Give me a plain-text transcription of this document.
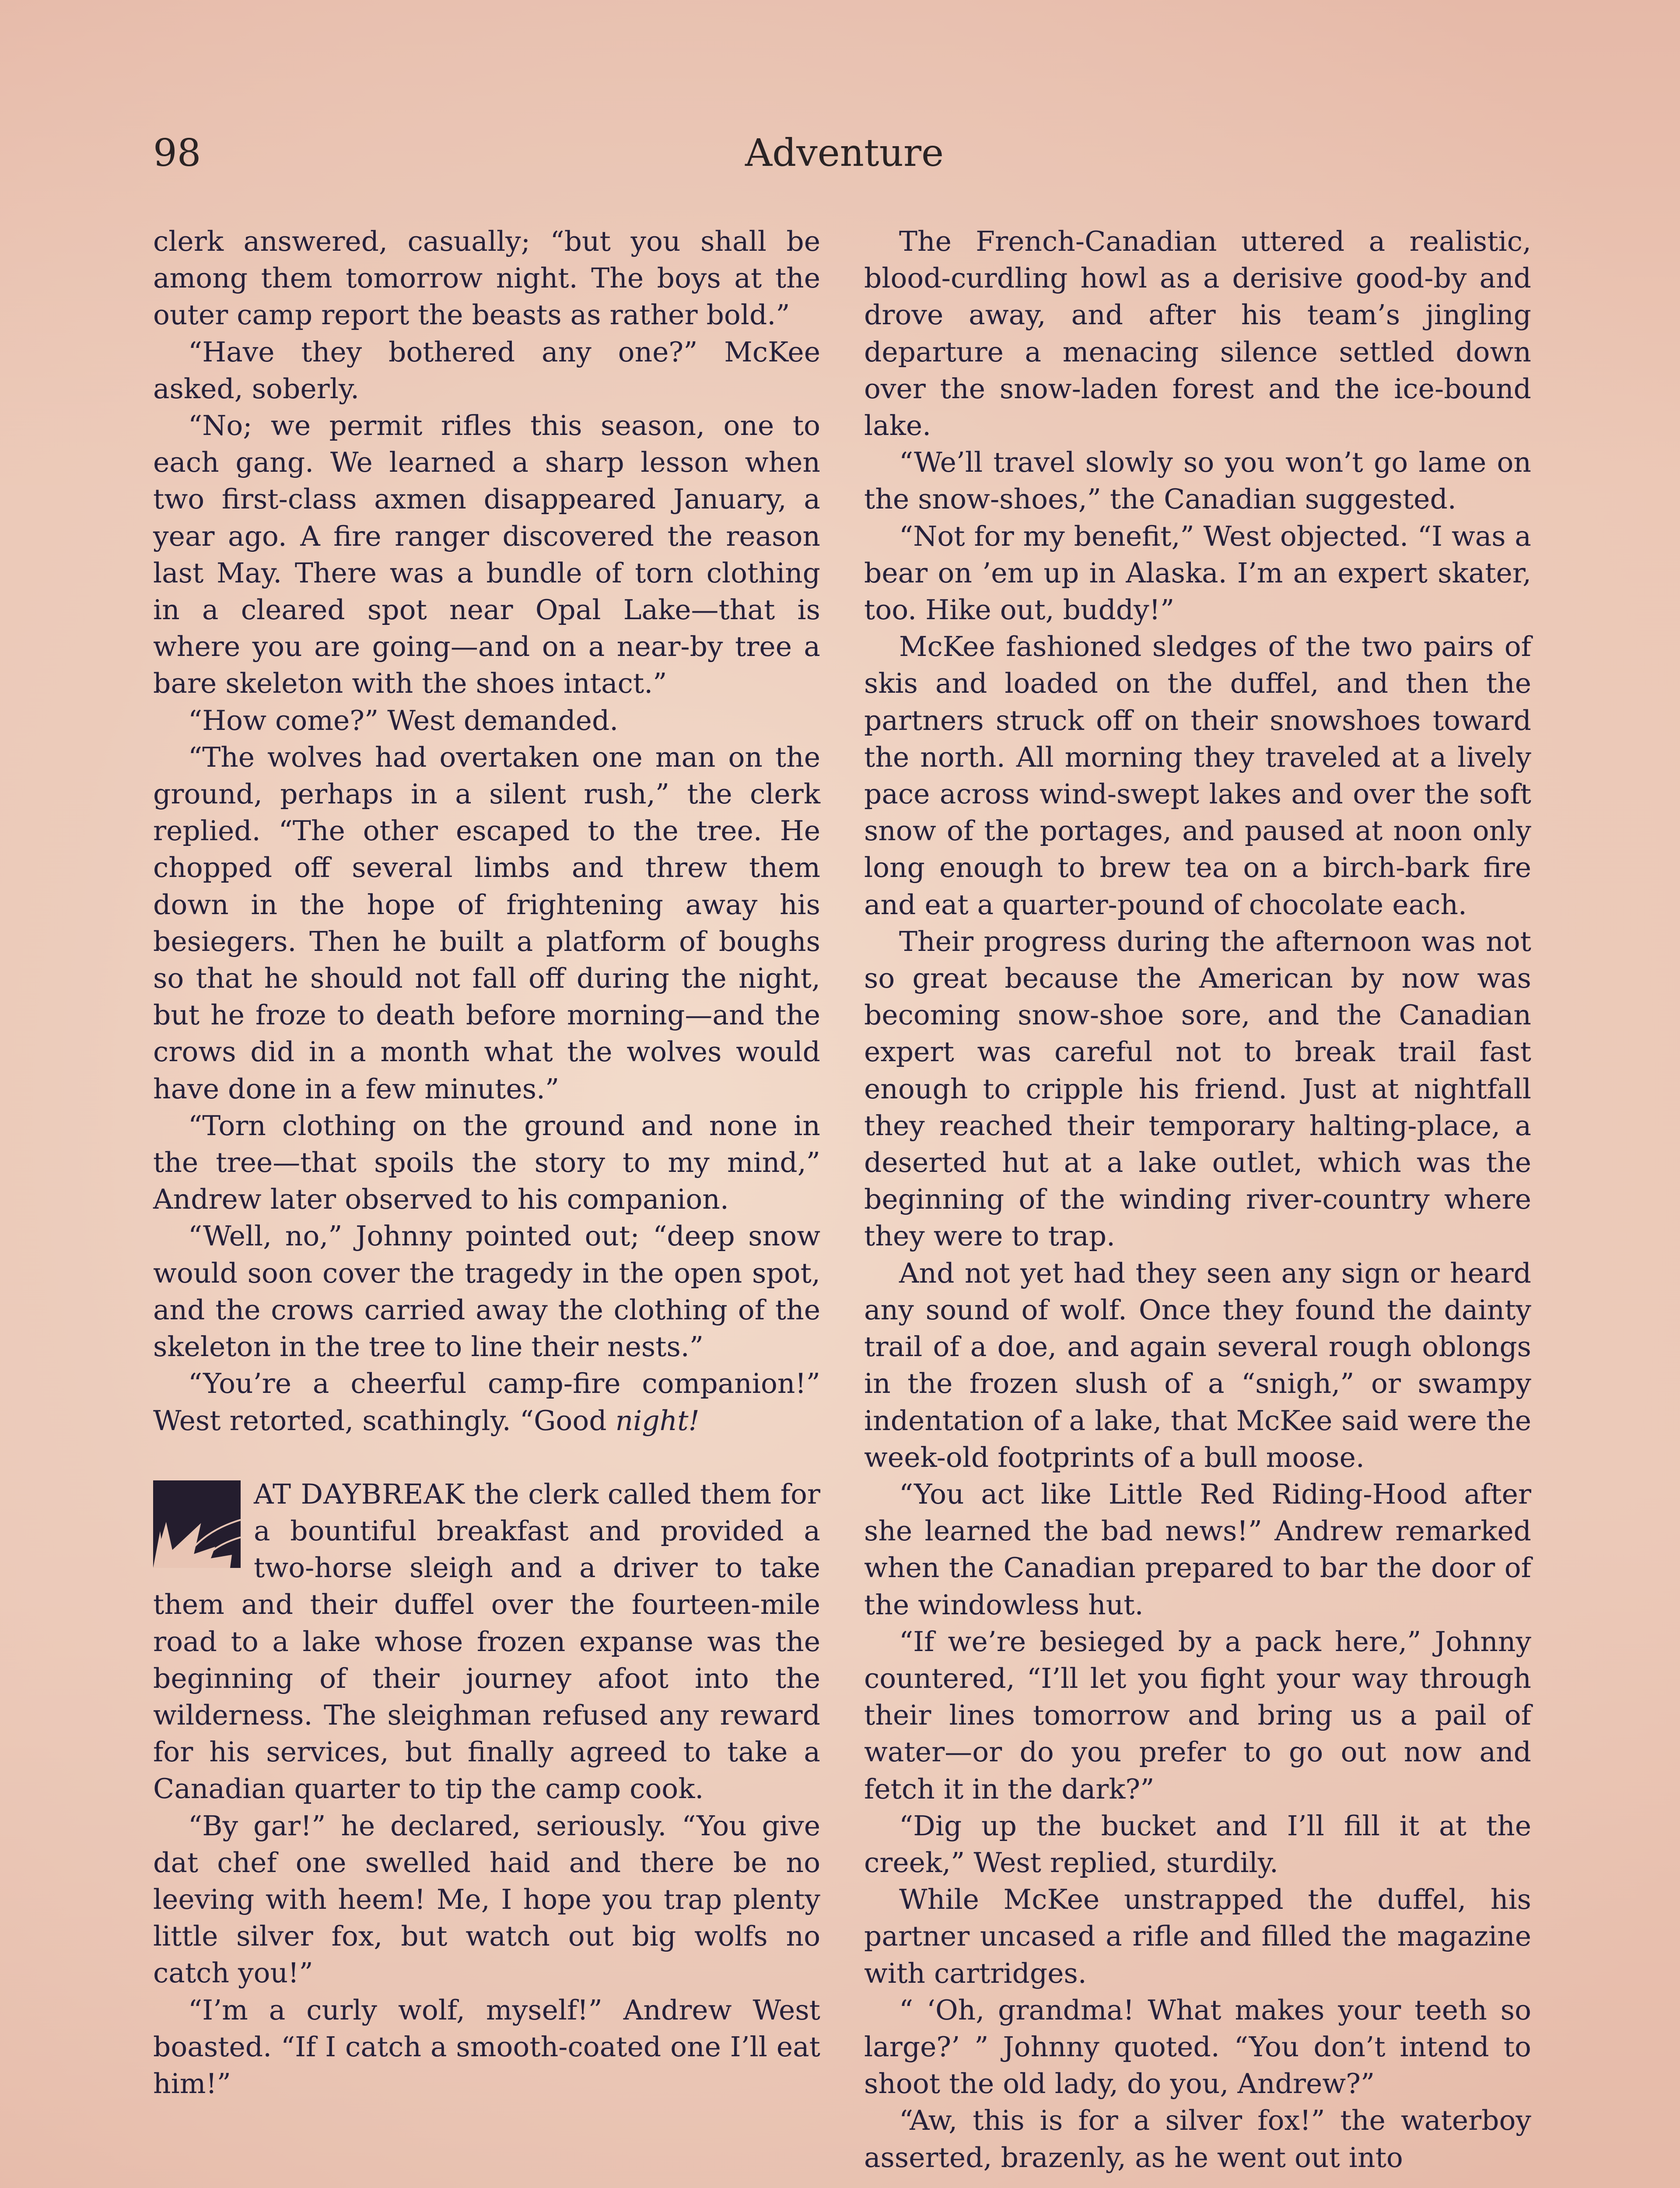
98	Adventure

clerk answered, casually; “but you shall be among them tomorrow night. The boys at the outer camp report the beasts as rather bold.”

“Have they bothered any one?” McKee asked, soberly.

“No; we permit rifles this season, one to each gang. We learned a sharp lesson when two first-class axmen disappeared January, a year ago. A fire ranger discovered the reason last May. There was a bundle of torn clothing in a cleared spot near Opal Lake—that is where you are going—and on a near-by tree a bare skeleton with the shoes intact.”

“How come?” West demanded.

“The wolves had overtaken one man on the ground, perhaps in a silent rush,” the clerk replied. “The other escaped to the tree. He chopped off several limbs and threw them down in the hope of frightening away his besiegers. Then he built a platform of boughs so that he should not fall off during the night, but he froze to death before morning—and the crows did in a month what the wolves would have done in a few minutes.”

“Torn clothing on the ground and none in the tree—that spoils the story to my mind,” Andrew later observed to his companion.

“Well, no,” Johnny pointed out; “deep snow would soon cover the tragedy in the open spot, and the crows carried away the clothing of the skeleton in the tree to line their nests.”

“You’re a cheerful camp-fire companion!” West retorted, scathingly. “Good night!

AT DAYBREAK the clerk called them for a bountiful breakfast and provided a two-horse sleigh and a driver to take them and their duffel over the fourteen-mile road to a lake whose frozen expanse was the beginning of their journey afoot into the wilderness. The sleighman refused any reward for his services, but finally agreed to take a Canadian quarter to tip the camp cook.

“By gar!” he declared, seriously. “You give dat chef one swelled haid and there be no leeving with heem! Me, I hope you trap plenty little silver fox, but watch out big wolfs no catch you!”

“I’m a curly wolf, myself!” Andrew West boasted. “If I catch a smooth-coated one I’ll eat him!”

The French-Canadian uttered a realistic, blood-curdling howl as a derisive good-by and drove away, and after his team’s jingling departure a menacing silence settled down over the snow-laden forest and the ice-bound lake.

“We’ll travel slowly so you won’t go lame on the snow-shoes,” the Canadian suggested.

“Not for my benefit,” West objected. “I was a bear on ’em up in Alaska. I’m an expert skater, too. Hike out, buddy!”

McKee fashioned sledges of the two pairs of skis and loaded on the duffel, and then the partners struck off on their snowshoes toward the north. All morning they traveled at a lively pace across wind-swept lakes and over the soft snow of the portages, and paused at noon only long enough to brew tea on a birch-bark fire and eat a quarter-pound of chocolate each.

Their progress during the afternoon was not so great because the American by now was becoming snow-shoe sore, and the Canadian expert was careful not to break trail fast enough to cripple his friend. Just at nightfall they reached their temporary halting-place, a deserted hut at a lake outlet, which was the beginning of the winding river-country where they were to trap.

And not yet had they seen any sign or heard any sound of wolf. Once they found the dainty trail of a doe, and again several rough oblongs in the frozen slush of a “snigh,” or swampy indentation of a lake, that McKee said were the week-old footprints of a bull moose.

“You act like Little Red Riding-Hood after she learned the bad news!” Andrew remarked when the Canadian prepared to bar the door of the windowless hut.

“If we’re besieged by a pack here,” Johnny countered, “I’ll let you fight your way through their lines tomorrow and bring us a pail of water—or do you prefer to go out now and fetch it in the dark?”

“Dig up the bucket and I’ll fill it at the creek,” West replied, sturdily.

While McKee unstrapped the duffel, his partner uncased a rifle and filled the magazine with cartridges.

“ ‘Oh, grandma! What makes your teeth so large?’ ” Johnny quoted. “You don’t intend to shoot the old lady, do you, Andrew?”

“Aw, this is for a silver fox!” the waterboy asserted, brazenly, as he went out into
